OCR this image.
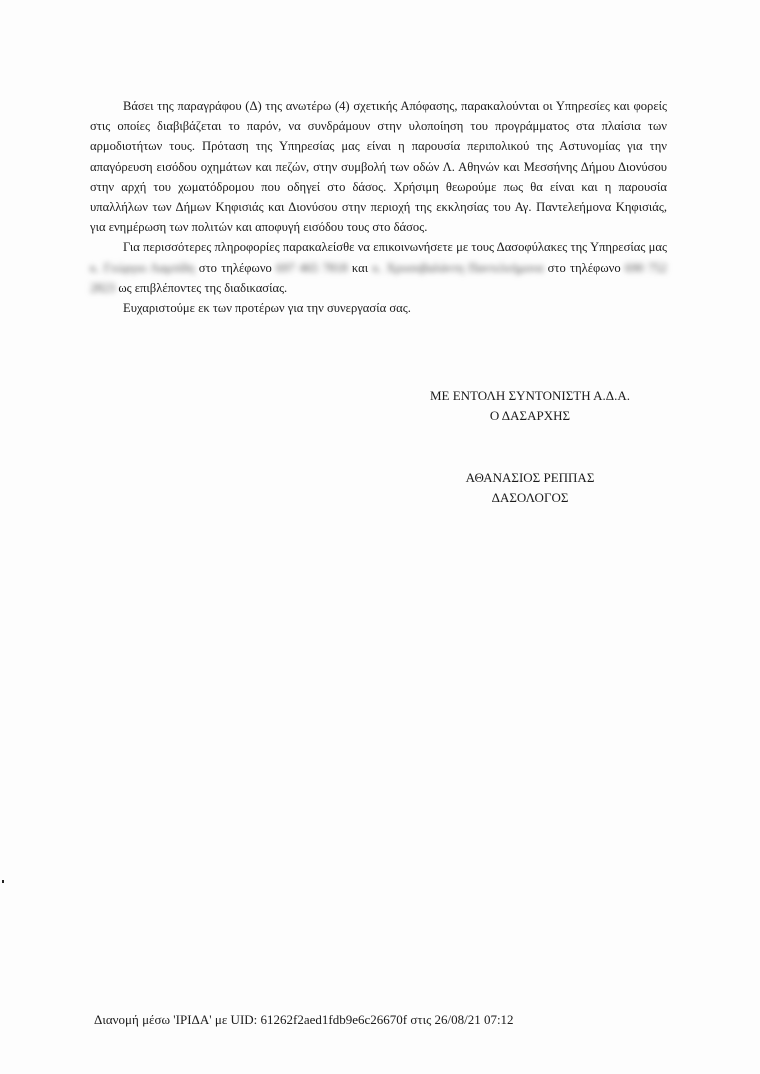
Βάσει της παραγράφου (Δ) της ανωτέρω (4) σχετικής Απόφασης, παρακαλούνται οι Υπηρεσίες και φορείς στις οποίες διαβιβάζεται το παρόν, να συνδράμουν στην υλοποίηση του προγράμματος στα πλαίσια των αρμοδιοτήτων τους. Πρόταση της Υπηρεσίας μας είναι η παρουσία περιπολικού της Αστυνομίας για την απαγόρευση εισόδου οχημάτων και πεζών, στην συμβολή των οδών Λ. Αθηνών και Μεσσήνης Δήμου Διονύσου στην αρχή του χωματόδρομου που οδηγεί στο δάσος. Χρήσιμη θεωρούμε πως θα είναι και η παρουσία υπαλλήλων των Δήμων Κηφισιάς και Διονύσου στην περιοχή της εκκλησίας του Αγ. Παντελεήμονα Κηφισιάς, για ενημέρωση των πολιτών και αποφυγή εισόδου τους στο δάσος.

Για περισσότερες πληροφορίες παρακαλείσθε να επικοινωνήσετε με τους Δασοφύλακες της Υπηρεσίας μας κ. Γεώργιο Λαμπίδη στο τηλέφωνο 697 465 7818 και κ. Χρυσοβαλάντη Παντελεήμονα στο τηλέφωνο 690 752 2823 ως επιβλέποντες της διαδικασίας.

Ευχαριστούμε εκ των προτέρων για την συνεργασία σας.

ΜΕ ΕΝΤΟΛΗ ΣΥΝΤΟΝΙΣΤΗ Α.Δ.Α.
Ο ΔΑΣΑΡΧΗΣ
ΑΘΑΝΑΣΙΟΣ ΡΕΠΠΑΣ
ΔΑΣΟΛΟΓΟΣ
Διανομή μέσω 'ΙΡΙΔΑ' με UID: 61262f2aed1fdb9e6c26670f στις 26/08/21 07:12
